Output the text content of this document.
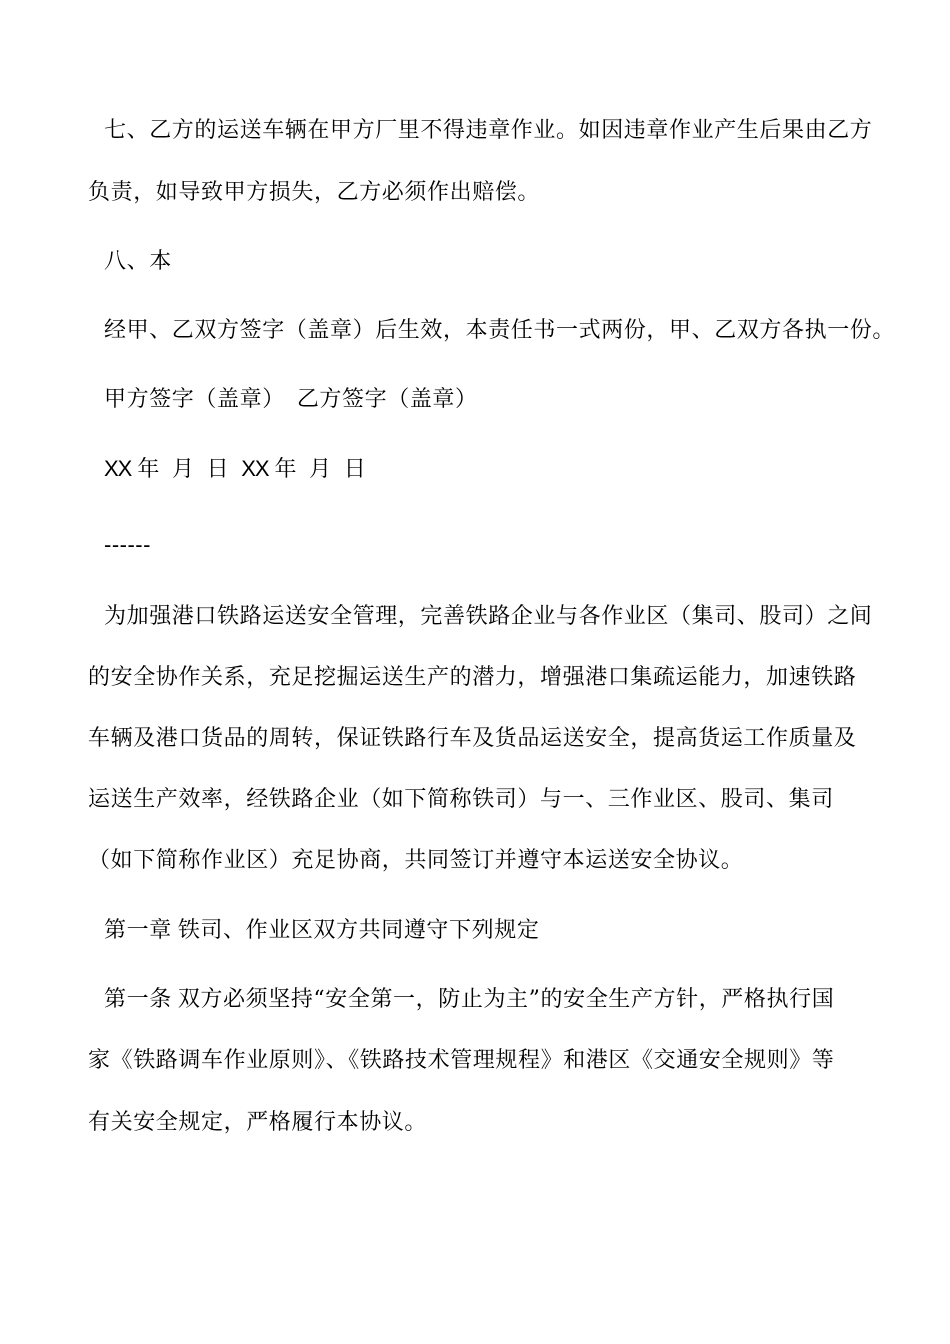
七、乙方的运送车辆在甲方厂里不得违章作业。如因违章作业产生后果由乙方
负责，如导致甲方损失，乙方必须作出赔偿。
八、本
经甲、乙双方签字（盖章）后生效，本责任书一式两份，甲、乙双方各执一份。
甲方签字（盖章） 乙方签字（盖章）
XX 年 月 日 XX 年 月 日
------
为加强港口铁路运送安全管理，完善铁路企业与各作业区（集司、股司）之间
的安全协作关系，充足挖掘运送生产的潜力，增强港口集疏运能力，加速铁路
车辆及港口货品的周转，保证铁路行车及货品运送安全，提高货运工作质量及
运送生产效率，经铁路企业（如下简称铁司）与一、三作业区、股司、集司
（如下简称作业区）充足协商，共同签订并遵守本运送安全协议。
第一章 铁司、作业区双方共同遵守下列规定
第一条 双方必须坚持“安全第一，防止为主”的安全生产方针，严格执行国
家《铁路调车作业原则》、《铁路技术管理规程》和港区《交通安全规则》等
有关安全规定，严格履行本协议。
